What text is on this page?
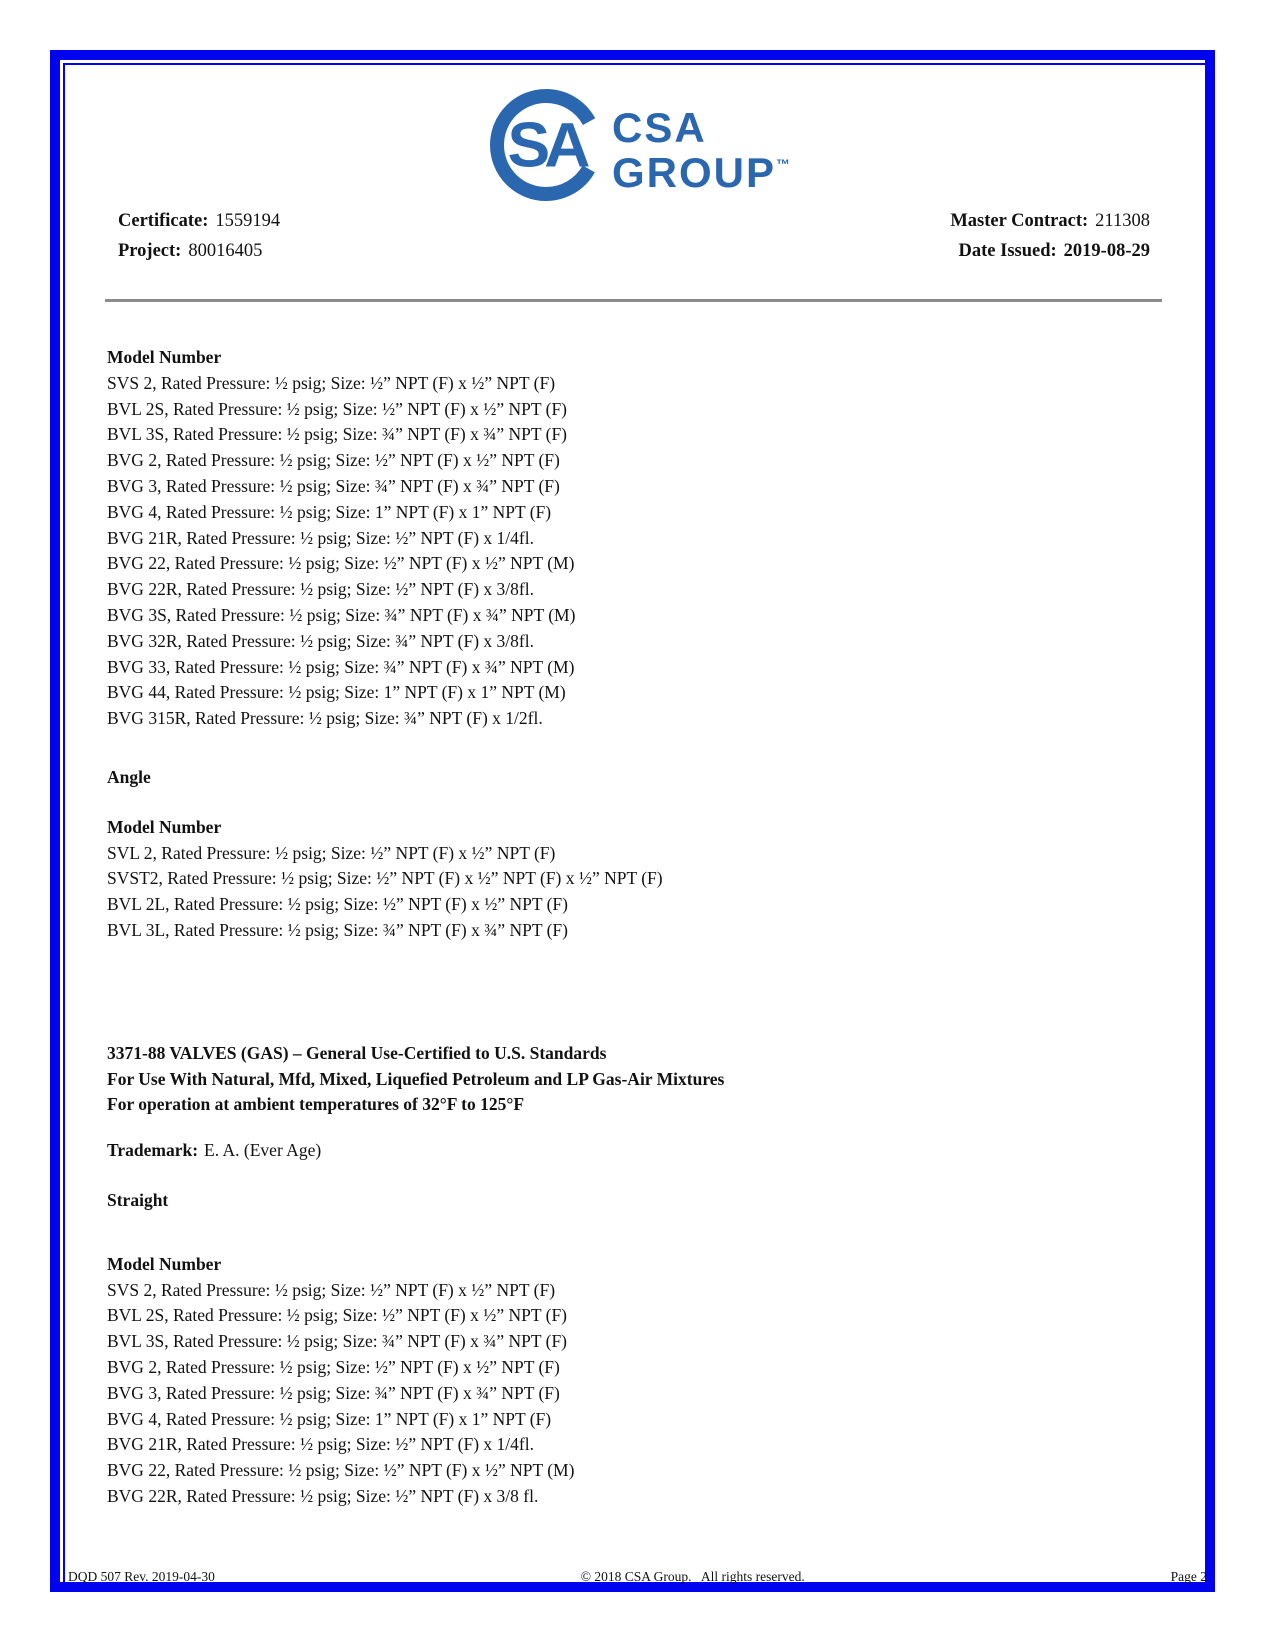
SA CSA
GROUP™
Certificate: 1559194
Project: 80016405
Master Contract: 211308
Date Issued: 2019-08-29
Model Number
SVS 2, Rated Pressure: ½ psig; Size: ½” NPT (F) x ½” NPT (F)
BVL 2S, Rated Pressure: ½ psig; Size: ½” NPT (F) x ½” NPT (F)
BVL 3S, Rated Pressure: ½ psig; Size: ¾” NPT (F) x ¾” NPT (F)
BVG 2, Rated Pressure: ½ psig; Size: ½” NPT (F) x ½” NPT (F)
BVG 3, Rated Pressure: ½ psig; Size: ¾” NPT (F) x ¾” NPT (F)
BVG 4, Rated Pressure: ½ psig; Size: 1” NPT (F) x 1” NPT (F)
BVG 21R, Rated Pressure: ½ psig; Size: ½” NPT (F) x 1/4fl.
BVG 22, Rated Pressure: ½ psig; Size: ½” NPT (F) x ½” NPT (M)
BVG 22R, Rated Pressure: ½ psig; Size: ½” NPT (F) x 3/8fl.
BVG 3S, Rated Pressure: ½ psig; Size: ¾” NPT (F) x ¾” NPT (M)
BVG 32R, Rated Pressure: ½ psig; Size: ¾” NPT (F) x 3/8fl.
BVG 33, Rated Pressure: ½ psig; Size: ¾” NPT (F) x ¾” NPT (M)
BVG 44, Rated Pressure: ½ psig; Size: 1” NPT (F) x 1” NPT (M)
BVG 315R, Rated Pressure: ½ psig; Size: ¾” NPT (F) x 1/2fl.
Angle
Model Number
SVL 2, Rated Pressure: ½ psig; Size: ½” NPT (F) x ½” NPT (F)
SVST2, Rated Pressure: ½ psig; Size: ½” NPT (F) x ½” NPT (F) x ½” NPT (F)
BVL 2L, Rated Pressure: ½ psig; Size: ½” NPT (F) x ½” NPT (F)
BVL 3L, Rated Pressure: ½ psig; Size: ¾” NPT (F) x ¾” NPT (F)
3371-88 VALVES (GAS) – General Use-Certified to U.S. Standards
For Use With Natural, Mfd, Mixed, Liquefied Petroleum and LP Gas-Air Mixtures
For operation at ambient temperatures of 32°F to 125°F
Trademark: E. A. (Ever Age)
Straight
Model Number
SVS 2, Rated Pressure: ½ psig; Size: ½” NPT (F) x ½” NPT (F)
BVL 2S, Rated Pressure: ½ psig; Size: ½” NPT (F) x ½” NPT (F)
BVL 3S, Rated Pressure: ½ psig; Size: ¾” NPT (F) x ¾” NPT (F)
BVG 2, Rated Pressure: ½ psig; Size: ½” NPT (F) x ½” NPT (F)
BVG 3, Rated Pressure: ½ psig; Size: ¾” NPT (F) x ¾” NPT (F)
BVG 4, Rated Pressure: ½ psig; Size: 1” NPT (F) x 1” NPT (F)
BVG 21R, Rated Pressure: ½ psig; Size: ½” NPT (F) x 1/4fl.
BVG 22, Rated Pressure: ½ psig; Size: ½” NPT (F) x ½” NPT (M)
BVG 22R, Rated Pressure: ½ psig; Size: ½” NPT (F) x 3/8 fl.
DQD 507 Rev. 2019-04-30	© 2018 CSA Group.   All rights reserved.	Page 2
